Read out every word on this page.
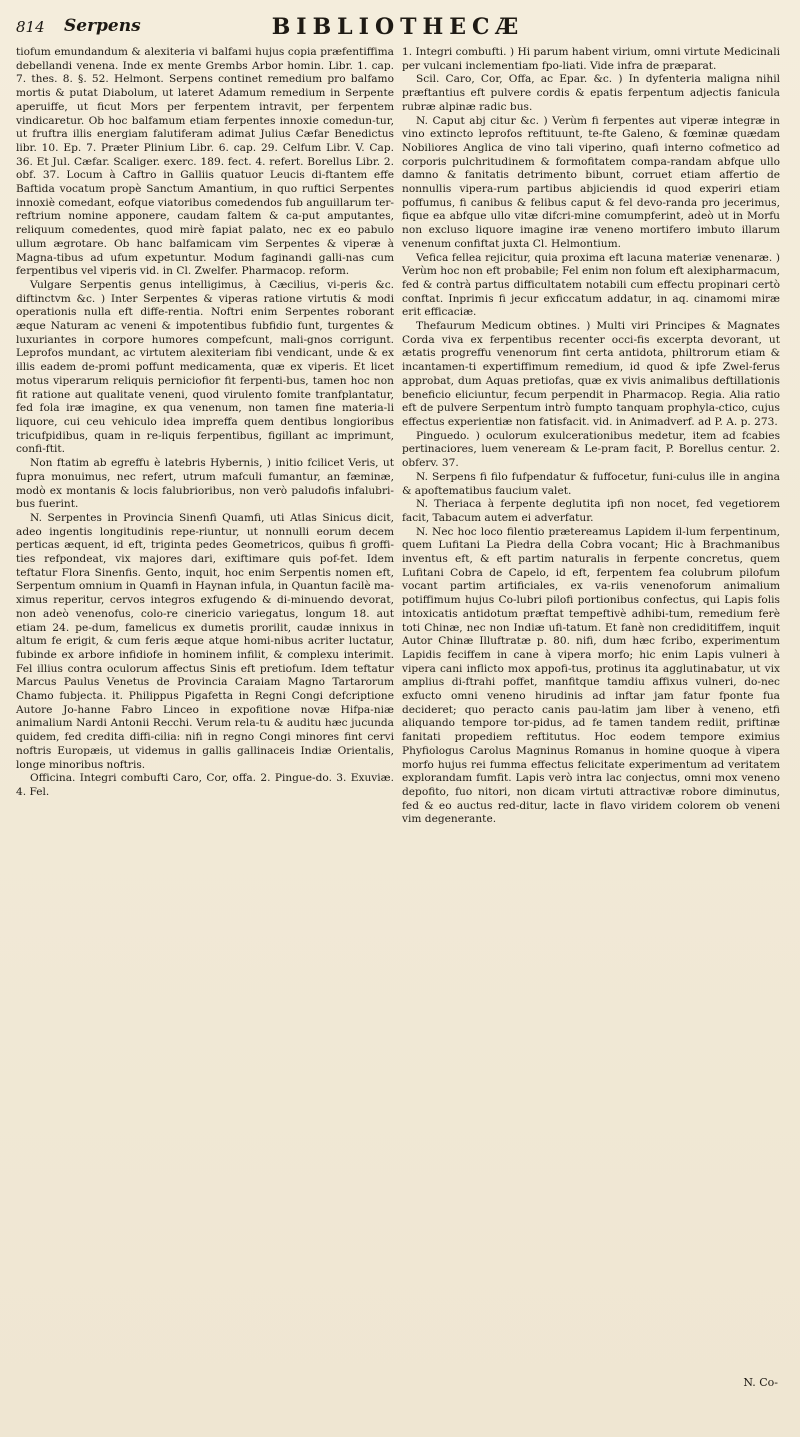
814 Serpens	BIBLIOTHECÆ

tiofum emundandum & alexiteria vi balfami hujus copia præfentiffima debellandi venena. Inde ex mente Grembs Arbor homin. Libr. 1. cap. 7. thes. 8. §. 52. Helmont. Serpens continet remedium pro balfamo mortis & putat Diabolum, ut lateret Adamum remedium in Serpente aperuiffe, ut ficut Mors per ferpentem intravit, per ferpentem vindicaretur. Ob hoc balfamum etiam ferpentes innoxie comedun-tur, ut fruftra illis energiam falutiferam adimat Julius Cæfar Benedictus libr. 10. Ep. 7. Præter Plinium Libr. 6. cap. 29. Celfum Libr. V. Cap. 36. Et Jul. Cæfar. Scaliger. exerc. 189. fect. 4. refert. Borellus Libr. 2. obf. 37. Locum à Caftro in Galliis quatuor Leucis di-ftantem effe Baftida vocatum propè Sanctum Amantium, in quo ruftici Serpentes innoxiè comedant, eofque viatoribus comedendos fub anguillarum ter-reftrium nomine apponere, caudam faltem & ca-put amputantes, reliquum comedentes, quod mirè fapiat palato, nec ex eo pabulo ullum ægrotare. Ob hanc balfamicam vim Serpentes & viperæ à Magna-tibus ad ufum expetuntur. Modum faginandi galli-nas cum ferpentibus vel viperis vid. in Cl. Zwelfer. Pharmacop. reform.

Vulgare Serpentis genus intelligimus, à Cæcilius, vi-peris &c. diftinctvm &c. ) Inter Serpentes & viperas ratione virtutis & modi operationis nulla eft diffe-rentia. Noftri enim Serpentes roborant æque Naturam ac veneni & impotentibus fubfidio funt, turgentes & luxuriantes in corpore humores compefcunt, mali-gnos corrigunt. Leprofos mundant, ac virtutem alexiteriam fibi vendicant, unde & ex illis eadem de-promi poffunt medicamenta, quæ ex viperis. Et licet motus viperarum reliquis perniciofior fit ferpenti-bus, tamen hoc non fit ratione aut qualitate veneni, quod virulento fomite tranfplantatur, fed fola iræ imagine, ex qua venenum, non tamen fine materia-li liquore, cui ceu vehiculo idea impreffa quem dentibus longioribus tricufpidibus, quam in re-liquis ferpentibus, figillant ac imprimunt, confi-ftit.

Non ftatim ab egreffu è latebris Hybernis, ) initio fcilicet Veris, ut fupra monuimus, nec refert, utrum mafculi fumantur, an fæminæ, modò ex montanis & locis falubrioribus, non verò paludofis infalubri-bus fuerint.

N. Serpentes in Provincia Sinenfi Quamfi, uti Atlas Sinicus dicit, adeo ingentis longitudinis repe-riuntur, ut nonnulli eorum decem perticas æquent, id eft, triginta pedes Geometricos, quibus fi groffi-ties refpondeat, vix majores dari, exiftimare quis pof-fet. Idem teftatur Flora Sinenfis. Gento, inquit, hoc enim Serpentis nomen eft, Serpentum omnium in Quamfi in Haynan infula, in Quantun facilè ma-ximus reperitur, cervos integros exfugendo & di-minuendo devorat, non adeò venenofus, colo-re cinericio variegatus, longum 18. aut etiam 24. pe-dum, famelicus ex dumetis prorilit, caudæ innixus in altum fe erigit, & cum feris æque atque homi-nibus acriter luctatur, fubinde ex arbore infidiofe in hominem infilit, & complexu interimit. Fel illius contra oculorum affectus Sinis eft pretiofum. Idem teftatur Marcus Paulus Venetus de Provincia Caraiam Magno Tartarorum Chamo fubjecta. it. Philippus Pigafetta in Regni Congi defcriptione Autore Jo-hanne Fabro Linceo in expofitione novæ Hifpa-niæ animalium Nardi Antonii Recchi. Verum rela-tu & auditu hæc jucunda quidem, fed credita diffi-cilia: nifi in regno Congi minores fint cervi noftris Europæis, ut videmus in gallis gallinaceis Indiæ Orientalis, longe minoribus noftris.

Officina. Integri combufti Caro, Cor, offa. 2. Pingue-do. 3. Exuviæ. 4. Fel.

1. Integri combufti. ) Hi parum habent virium, omni virtute Medicinali per vulcani inclementiam fpo-liati. Vide infra de præparat.

Scil. Caro, Cor, Offa, ac Epar. &c. ) In dyfenteria maligna nihil præftantius eft pulvere cordis & epatis ferpentum adjectis fanicula rubræ alpinæ radic bus.

N. Caput abj citur &c. ) Verùm fi ferpentes aut viperæ integræ in vino extincto leprofos reftituunt, te-fte Galeno, & fœminæ quædam Nobiliores Anglica de vino tali viperino, quafi interno cofmetico ad corporis pulchritudinem & formofitatem compa-randam abfque ullo damno & fanitatis detrimento bibunt, corruet etiam affertio de nonnullis vipera-rum partibus abjiciendis id quod experiri etiam poffumus, fi canibus & felibus caput & fel devo-randa pro jecerimus, fique ea abfque ullo vitæ difcri-mine comumpferint, adeò ut in Morfu non excluso liquore imagine iræ veneno mortifero imbuto illarum venenum confiftat juxta Cl. Helmontium.

Vefica fellea rejicitur, quia proxima eft lacuna materiæ venenaræ. ) Verùm hoc non eft probabile; Fel enim non folum eft alexipharmacum, fed & contrà partus difficultatem notabili cum effectu propinari certò conftat. Inprimis fi jecur exficcatum addatur, in aq. cinamomi miræ erit efficaciæ.

Thefaurum Medicum obtines. ) Multi viri Principes & Magnates Corda viva ex ferpentibus recenter occi-fis excerpta devorant, ut ætatis progreffu venenorum fint certa antidota, philtrorum etiam & incantamen-ti expertiffimum remedium, id quod & ipfe Zwel-ferus approbat, dum Aquas pretiofas, quæ ex vivis animalibus deftillationis beneficio eliciuntur, fecum perpendit in Pharmacop. Regia. Alia ratio eft de pulvere Serpentum intrò fumpto tanquam prophyla-ctico, cujus effectus experientiæ non fatisfacit. vid. in Animadverf. ad P. A. p. 273.

Pinguedo. ) oculorum exulcerationibus medetur, item ad fcabies pertinaciores, luem veneream & Le-pram facit, P. Borellus centur. 2. obferv. 37.

N. Serpens fi filo fufpendatur & fuffocetur, funi-culus ille in angina & apoftematibus faucium valet.

N. Theriaca à ferpente deglutita ipfi non nocet, fed vegetiorem facit, Tabacum autem ei adverfatur.

N. Nec hoc loco filentio prætereamus Lapidem il-lum ferpentinum, quem Lufitani La Piedra della Cobra vocant; Hic à Brachmanibus inventus eft, & eft partim naturalis in ferpente concretus, quem Lufitani Cobra de Capelo, id eft, ferpentem fea colubrum pilofum vocant partim artificiales, ex va-riis venenoforum animalium potiffimum hujus Co-lubri pilofi portionibus confectus, qui Lapis folis intoxicatis antidotum præftat tempeftivè adhibi-tum, remedium ferè toti Chinæ, nec non Indiæ ufi-tatum. Et fanè non crediditiffem, inquit Autor Chinæ Illuftratæ p. 80. nifi, dum hæc fcribo, experimentum Lapidis feciffem in cane à vipera morfo; hic enim Lapis vulneri à vipera cani inflicto mox appofi-tus, protinus ita agglutinabatur, ut vix amplius di-ftrahi poffet, manfitque tamdiu affixus vulneri, do-nec exfucto omni veneno hirudinis ad inftar jam fatur fponte fua decideret; quo peracto canis pau-latim jam liber à veneno, etfi aliquando tempore tor-pidus, ad fe tamen tandem rediit, priftinæ fanitati propediem reftitutus. Hoc eodem tempore eximius Phyfiologus Carolus Magninus Romanus in homine quoque à vipera morfo hujus rei fumma effectus felicitate experimentum ad veritatem explorandam fumfit. Lapis verò intra lac conjectus, omni mox veneno depofito, fuo nitori, non dicam virtuti attractivæ robore diminutus, fed & eo auctus red-ditur, lacte in flavo viridem colorem ob veneni vim degenerante.

N. Co-
